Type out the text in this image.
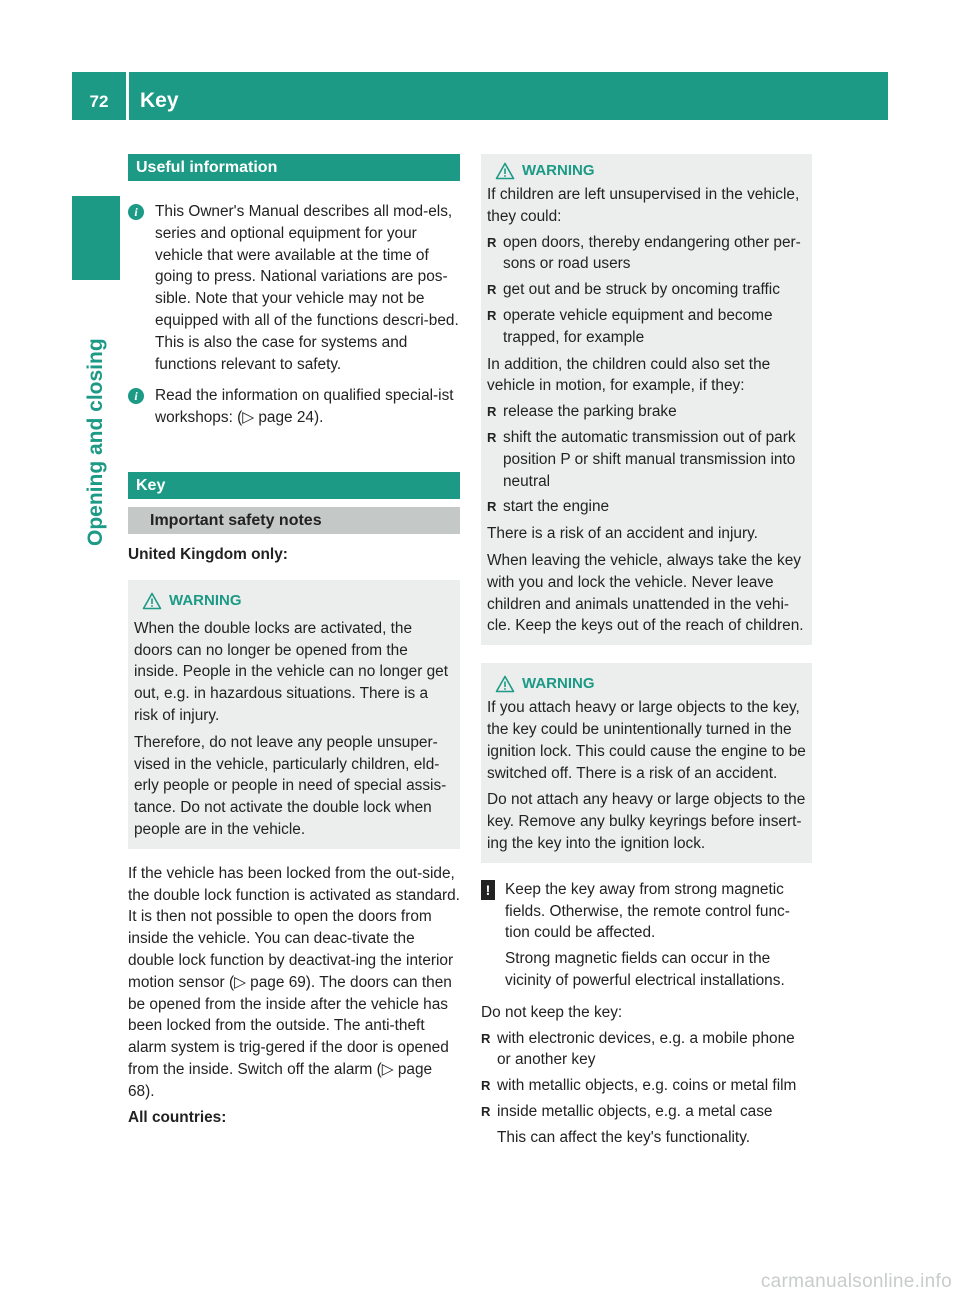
72	Key
Opening and closing
Useful information
i	This Owner's Manual describes all mod-els, series and optional equipment for your vehicle that were available at the time of going to press. National variations are pos-sible. Note that your vehicle may not be equipped with all of the functions descri-bed. This is also the case for systems and functions relevant to safety.
i	Read the information on qualified special-ist workshops: (▷ page 24).
Key
Important safety notes
United Kingdom only:
WARNING

When the double locks are activated, the doors can no longer be opened from the inside. People in the vehicle can no longer get out, e.g. in hazardous situations. There is a risk of injury.

Therefore, do not leave any people unsuper-vised in the vehicle, particularly children, eld-erly people or people in need of special assis-tance. Do not activate the double lock when people are in the vehicle.

If the vehicle has been locked from the out-side, the double lock function is activated as standard. It is then not possible to open the doors from inside the vehicle. You can deac-tivate the double lock function by deactivat-ing the interior motion sensor (▷ page 69). The doors can then be opened from the inside after the vehicle has been locked from the outside. The anti-theft alarm system is trig-gered if the door is opened from the inside. Switch off the alarm (▷ page 68).
All countries:
WARNING

If children are left unsupervised in the vehicle, they could:

R open doors, thereby endangering other per-sons or road users
R get out and be struck by oncoming traffic
R operate vehicle equipment and become trapped, for example

In addition, the children could also set the vehicle in motion, for example, if they:

R release the parking brake
R shift the automatic transmission out of park position P or shift manual transmission into neutral
R start the engine

There is a risk of an accident and injury.

When leaving the vehicle, always take the key with you and lock the vehicle. Never leave children and animals unattended in the vehi-cle. Keep the keys out of the reach of children.

WARNING

If you attach heavy or large objects to the key, the key could be unintentionally turned in the ignition lock. This could cause the engine to be switched off. There is a risk of an accident.

Do not attach any heavy or large objects to the key. Remove any bulky keyrings before insert-ing the key into the ignition lock.

! Keep the key away from strong magnetic fields. Otherwise, the remote control func-tion could be affected.
Strong magnetic fields can occur in the vicinity of powerful electrical installations.
Do not keep the key:
R with electronic devices, e.g. a mobile phone or another key
R with metallic objects, e.g. coins or metal film
R inside metallic objects, e.g. a metal case
This can affect the key's functionality.
carmanualsonline.info
